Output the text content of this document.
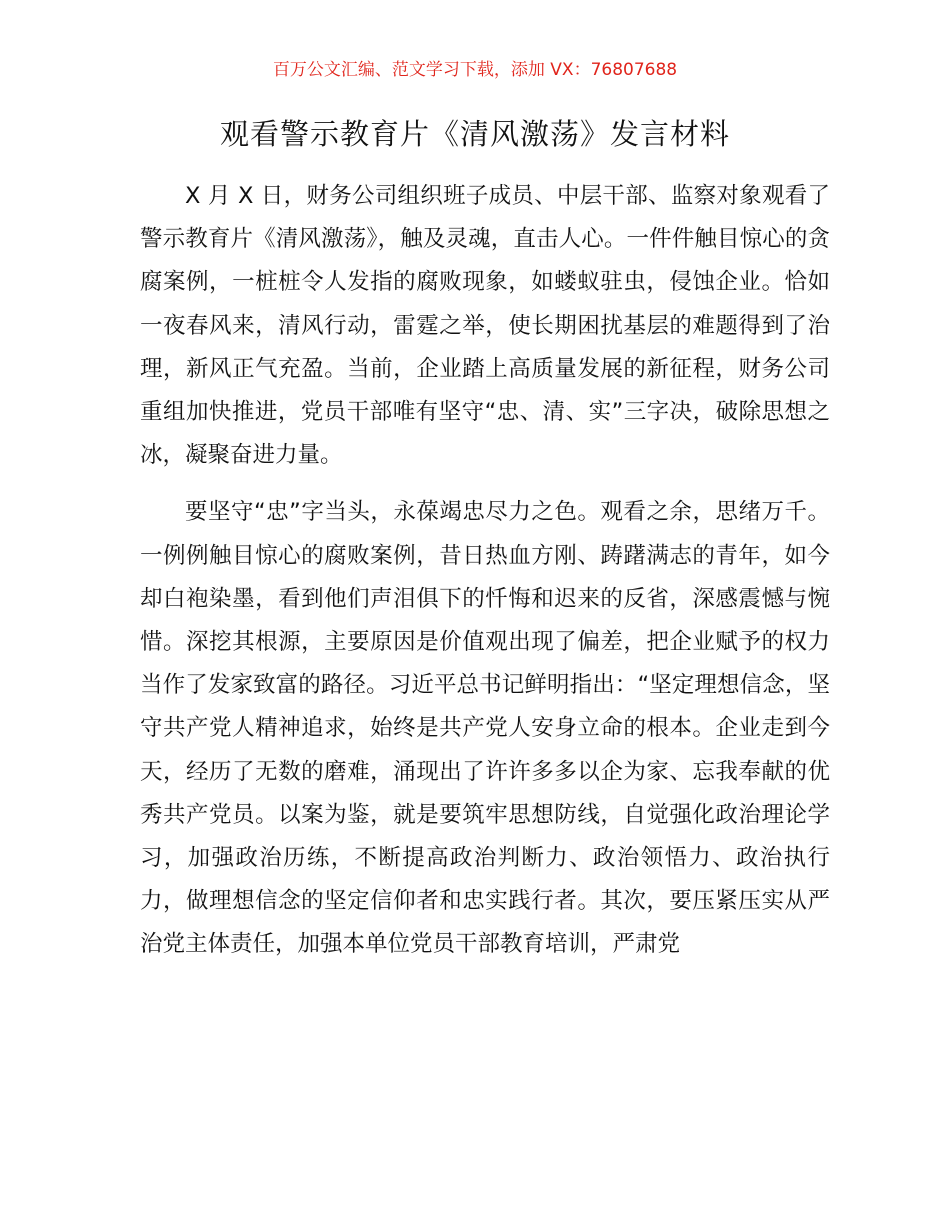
百万公文汇编、范文学习下载，添加 VX：76807688
观看警示教育片《清风激荡》发言材料

X 月 X 日，财务公司组织班子成员、中层干部、监察对象观看了警示教育片《清风激荡》，触及灵魂，直击人心。一件件触目惊心的贪腐案例，一桩桩令人发指的腐败现象，如蝼蚁驻虫，侵蚀企业。恰如一夜春风来，清风行动，雷霆之举，使长期困扰基层的难题得到了治理，新风正气充盈。当前，企业踏上高质量发展的新征程，财务公司重组加快推进，党员干部唯有坚守“忠、清、实”三字决，破除思想之冰，凝聚奋进力量。

要坚守“忠”字当头，永葆竭忠尽力之色。观看之余，思绪万千。一例例触目惊心的腐败案例，昔日热血方刚、踌躇满志的青年，如今却白袍染墨，看到他们声泪俱下的忏悔和迟来的反省，深感震憾与惋惜。深挖其根源，主要原因是价值观出现了偏差，把企业赋予的权力当作了发家致富的路径。习近平总书记鲜明指出：“坚定理想信念，坚守共产党人精神追求，始终是共产党人安身立命的根本。企业走到今天，经历了无数的磨难，涌现出了许许多多以企为家、忘我奉献的优秀共产党员。以案为鉴，就是要筑牢思想防线，自觉强化政治理论学习，加强政治历练，不断提高政治判断力、政治领悟力、政治执行力，做理想信念的坚定信仰者和忠实践行者。其次，要压紧压实从严治党主体责任，加强本单位党员干部教育培训，严肃党
